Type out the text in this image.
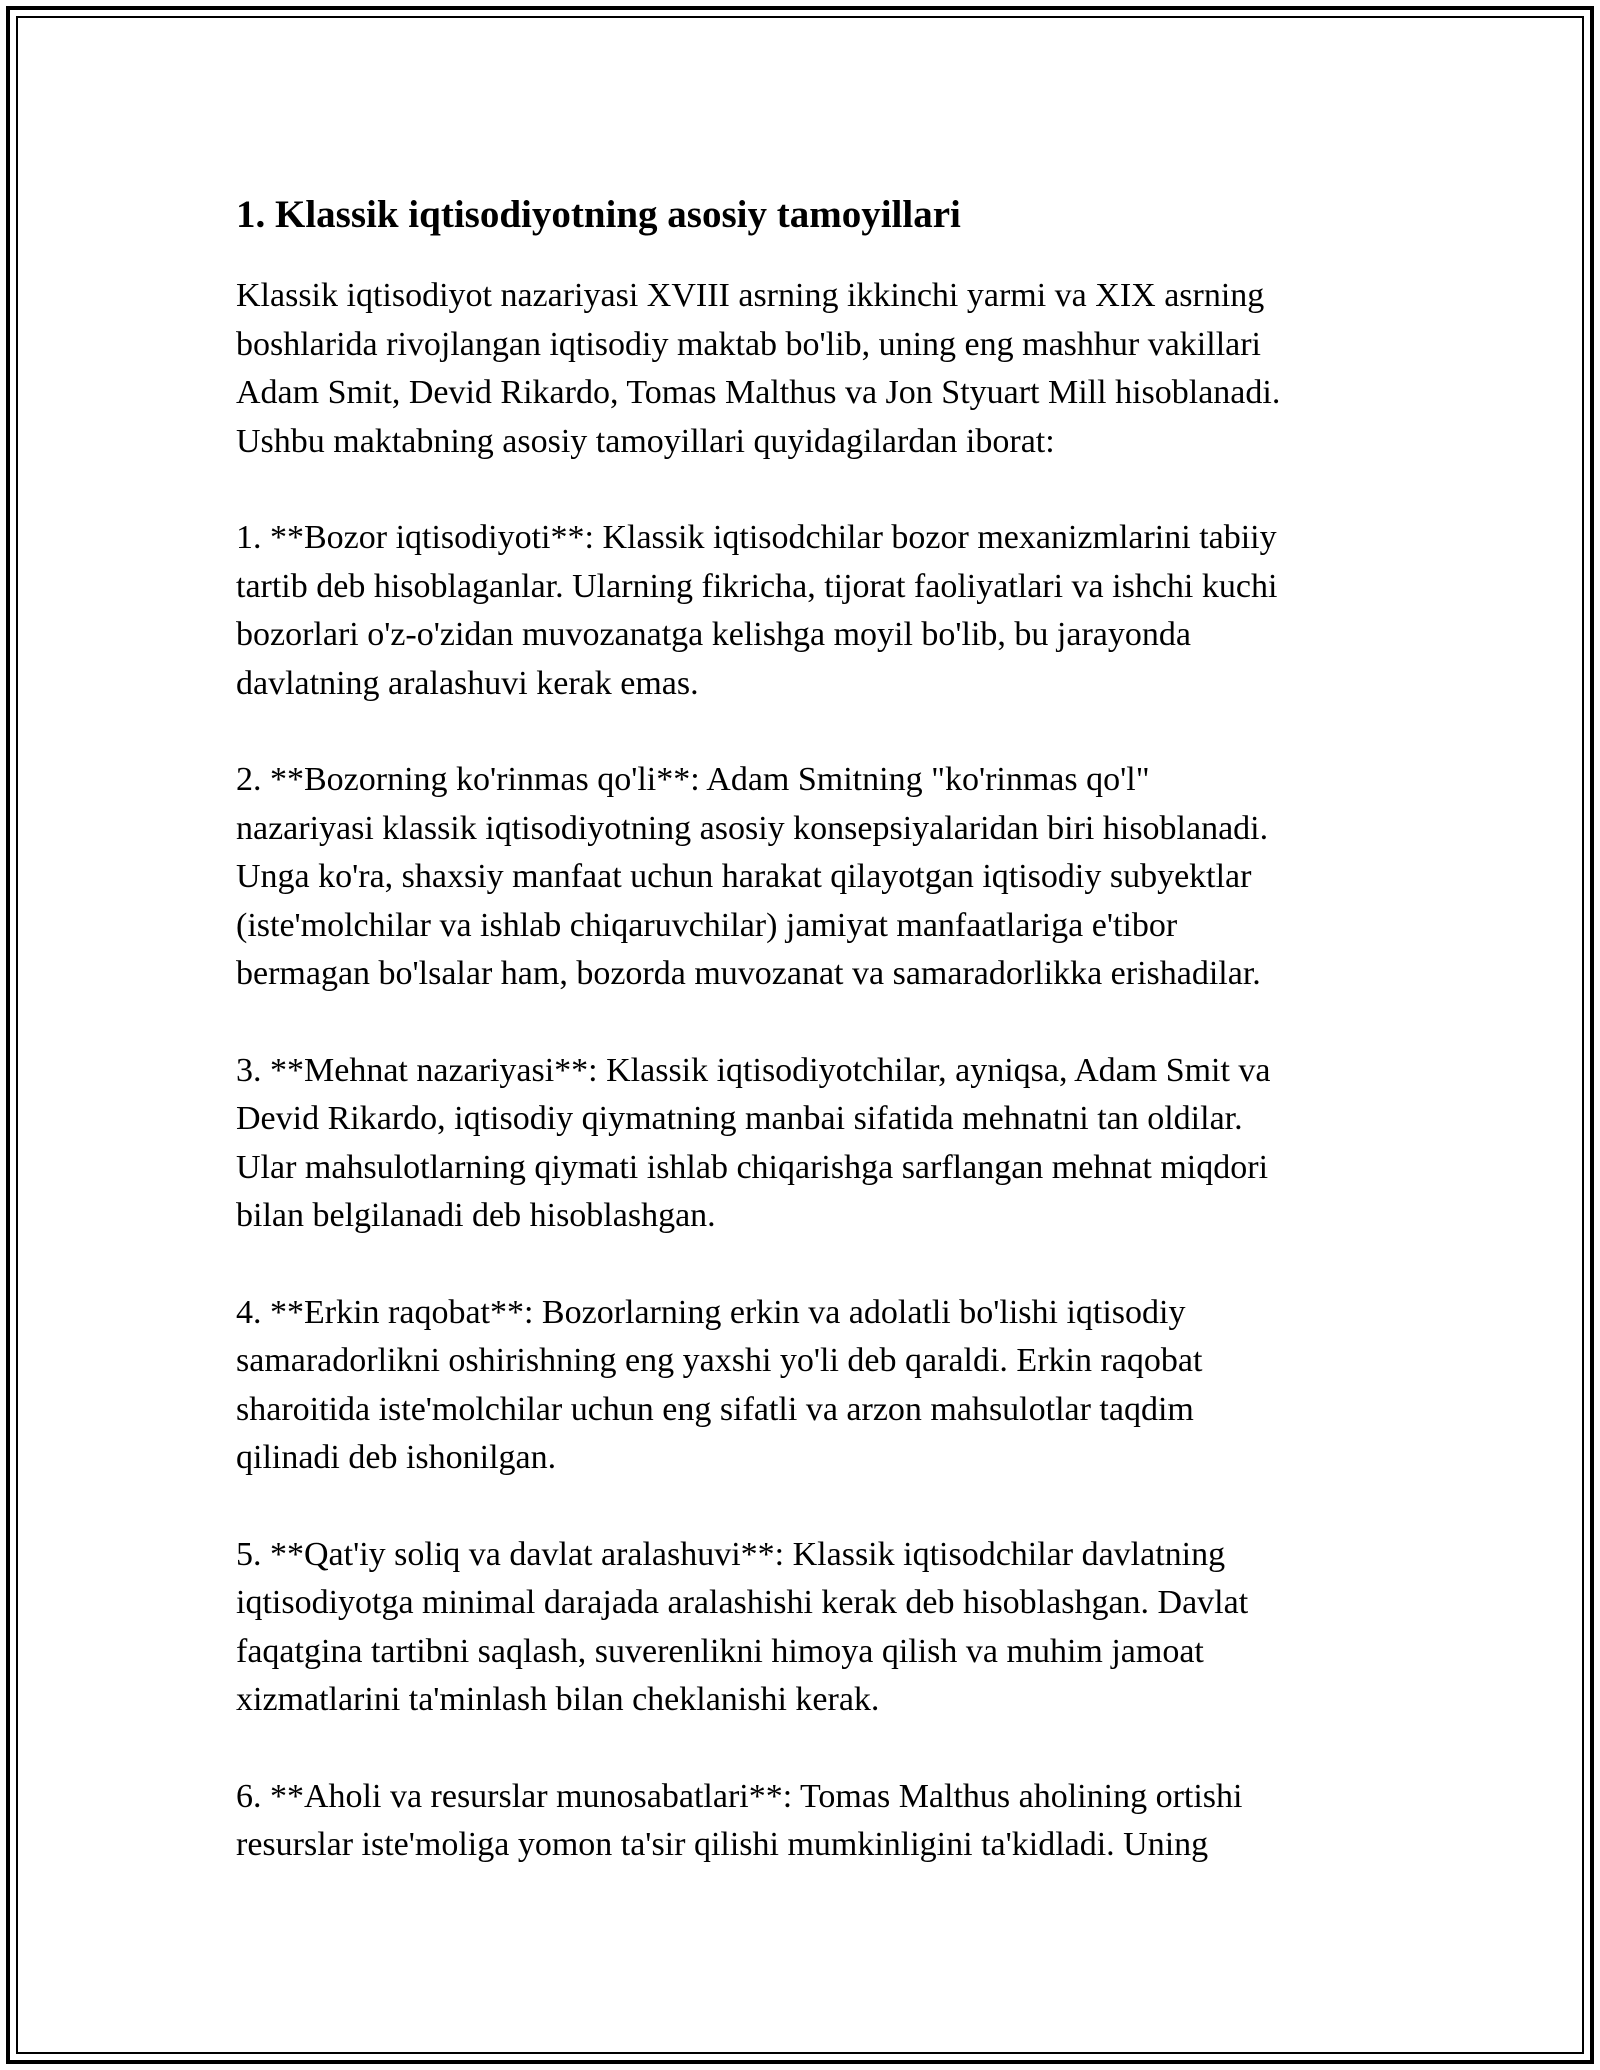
1. Klassik iqtisodiyotning asosiy tamoyillari

Klassik iqtisodiyot nazariyasi XVIII asrning ikkinchi yarmi va XIX asrning
boshlarida rivojlangan iqtisodiy maktab bo'lib, uning eng mashhur vakillari
Adam Smit, Devid Rikardo, Tomas Malthus va Jon Styuart Mill hisoblanadi.
Ushbu maktabning asosiy tamoyillari quyidagilardan iborat:

1. **Bozor iqtisodiyoti**: Klassik iqtisodchilar bozor mexanizmlarini tabiiy
tartib deb hisoblaganlar. Ularning fikricha, tijorat faoliyatlari va ishchi kuchi
bozorlari o'z-o'zidan muvozanatga kelishga moyil bo'lib, bu jarayonda
davlatning aralashuvi kerak emas.

2. **Bozorning ko'rinmas qo'li**: Adam Smitning "ko'rinmas qo'l"
nazariyasi klassik iqtisodiyotning asosiy konsepsiyalaridan biri hisoblanadi.
Unga ko'ra, shaxsiy manfaat uchun harakat qilayotgan iqtisodiy subyektlar
(iste'molchilar va ishlab chiqaruvchilar) jamiyat manfaatlariga e'tibor
bermagan bo'lsalar ham, bozorda muvozanat va samaradorlikka erishadilar.

3. **Mehnat nazariyasi**: Klassik iqtisodiyotchilar, ayniqsa, Adam Smit va
Devid Rikardo, iqtisodiy qiymatning manbai sifatida mehnatni tan oldilar.
Ular mahsulotlarning qiymati ishlab chiqarishga sarflangan mehnat miqdori
bilan belgilanadi deb hisoblashgan.

4. **Erkin raqobat**: Bozorlarning erkin va adolatli bo'lishi iqtisodiy
samaradorlikni oshirishning eng yaxshi yo'li deb qaraldi. Erkin raqobat
sharoitida iste'molchilar uchun eng sifatli va arzon mahsulotlar taqdim
qilinadi deb ishonilgan.

5. **Qat'iy soliq va davlat aralashuvi**: Klassik iqtisodchilar davlatning
iqtisodiyotga minimal darajada aralashishi kerak deb hisoblashgan. Davlat
faqatgina tartibni saqlash, suverenlikni himoya qilish va muhim jamoat
xizmatlarini ta'minlash bilan cheklanishi kerak.

6. **Aholi va resurslar munosabatlari**: Tomas Malthus aholining ortishi
resurslar iste'moliga yomon ta'sir qilishi mumkinligini ta'kidladi. Uning
